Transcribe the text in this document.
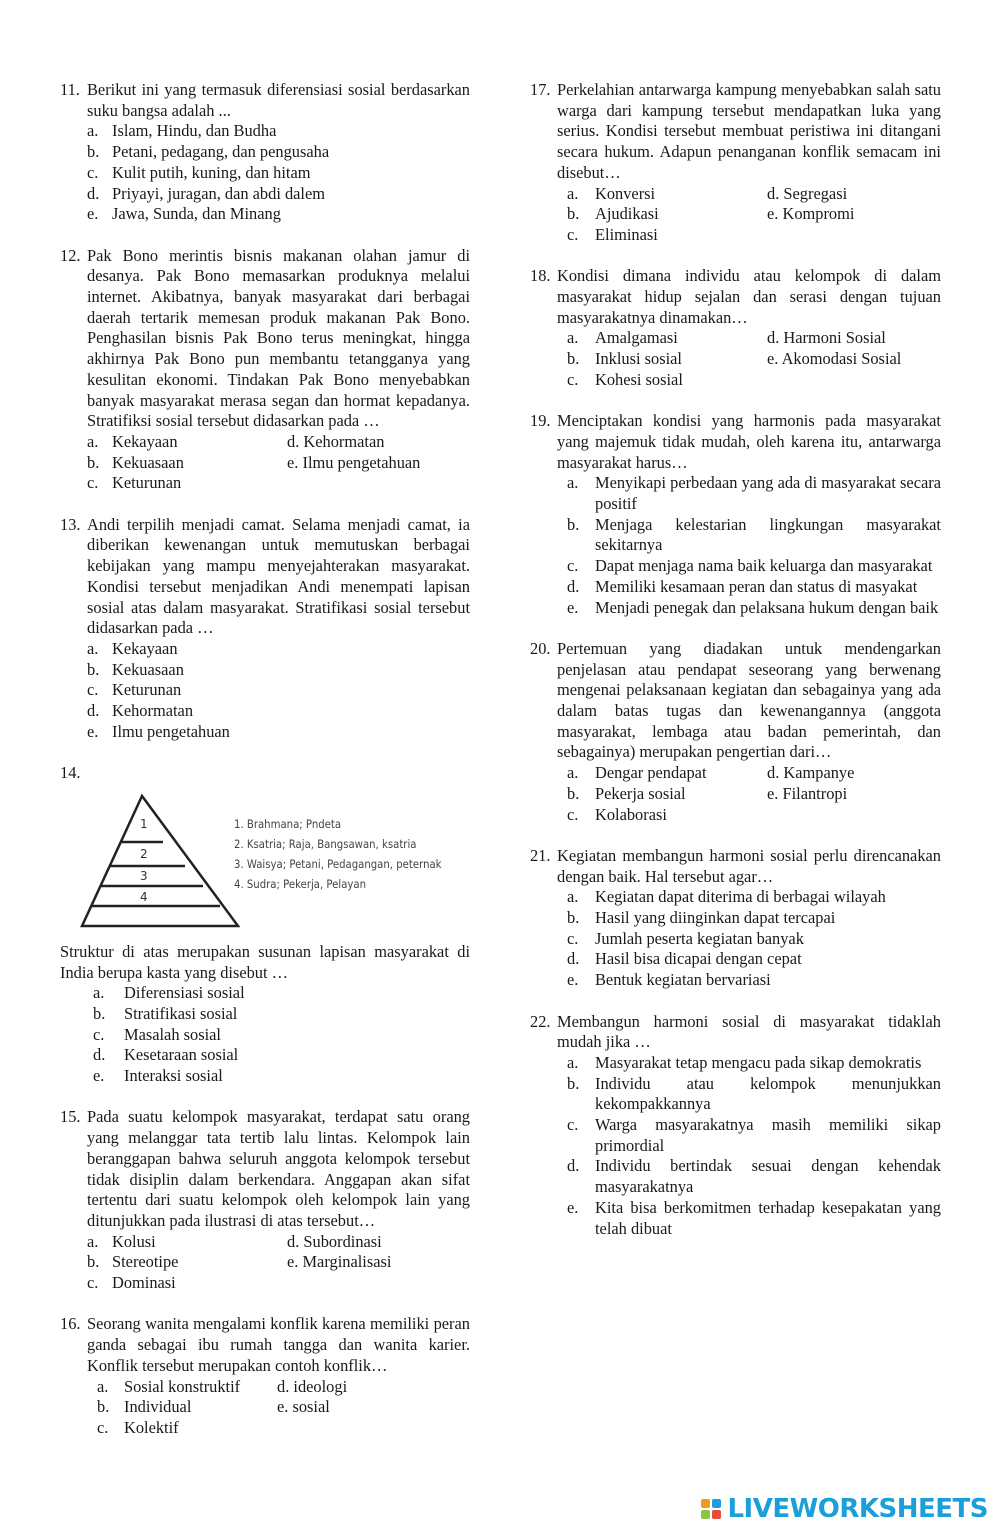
11. Berikut ini yang termasuk diferensiasi sosial berdasarkan suku bangsa adalah ...
a. Islam, Hindu, dan Budha
b. Petani, pedagang, dan pengusaha
c. Kulit putih, kuning, dan hitam
d. Priyayi, juragan, dan abdi dalem
e. Jawa, Sunda, dan Minang
12. Pak Bono merintis bisnis makanan olahan jamur di desanya. Pak Bono memasarkan produknya melalui internet. Akibatnya, banyak masyarakat dari berbagai daerah tertarik memesan produk makanan Pak Bono. Penghasilan bisnis Pak Bono terus meningkat, hingga akhirnya Pak Bono pun membantu tetangganya yang kesulitan ekonomi. Tindakan Pak Bono menyebabkan banyak masyarakat merasa segan dan hormat kepadanya. Stratifiksi sosial tersebut didasarkan pada …
a. Kekayaan	d. Kehormatan
b. Kekuasaan	e. Ilmu pengetahuan
c. Keturunan
13. Andi terpilih menjadi camat. Selama menjadi camat, ia diberikan kewenangan untuk memutuskan berbagai kebijakan yang mampu menyejahterakan masyarakat. Kondisi tersebut menjadikan Andi menempati lapisan sosial atas dalam masyarakat. Stratifikasi sosial tersebut didasarkan pada …
a. Kekayaan
b. Kekuasaan
c. Keturunan
d. Kehormatan
e. Ilmu pengetahuan
14.
1
2
3
4
1. Brahmana; Pndeta
2. Ksatria; Raja, Bangsawan, ksatria
3. Waisya; Petani, Pedagangan, peternak
4. Sudra; Pekerja, Pelayan
Struktur di atas merupakan susunan lapisan masyarakat di India berupa kasta yang disebut …
a. Diferensiasi sosial
b. Stratifikasi sosial
c. Masalah sosial
d. Kesetaraan sosial
e. Interaksi sosial
15. Pada suatu kelompok masyarakat, terdapat satu orang yang melanggar tata tertib lalu lintas. Kelompok lain beranggapan bahwa seluruh anggota kelompok tersebut tidak disiplin dalam berkendara. Anggapan akan sifat tertentu dari suatu kelompok oleh kelompok lain yang ditunjukkan pada ilustrasi di atas tersebut…
a. Kolusi	d. Subordinasi
b. Stereotipe	e. Marginalisasi
c. Dominasi
16. Seorang wanita mengalami konflik karena memiliki peran ganda sebagai ibu rumah tangga dan wanita karier. Konflik tersebut merupakan contoh konflik…
a. Sosial konstruktif	d. ideologi
b. Individual	e. sosial
c. Kolektif
17. Perkelahian antarwarga kampung menyebabkan salah satu warga dari kampung tersebut mendapatkan luka yang serius. Kondisi tersebut membuat peristiwa ini ditangani secara hukum. Adapun penanganan konflik semacam ini disebut…
a. Konversi	d. Segregasi
b. Ajudikasi	e. Kompromi
c. Eliminasi
18. Kondisi dimana individu atau kelompok di dalam masyarakat hidup sejalan dan serasi dengan tujuan masyarakatnya dinamakan…
a. Amalgamasi	d. Harmoni Sosial
b. Inklusi sosial	e. Akomodasi Sosial
c. Kohesi sosial
19. Menciptakan kondisi yang harmonis pada masyarakat yang majemuk tidak mudah, oleh karena itu, antarwarga masyarakat harus…
a. Menyikapi perbedaan yang ada di masyarakat secara positif
b. Menjaga kelestarian lingkungan masyarakat sekitarnya
c. Dapat menjaga nama baik keluarga dan masyarakat
d. Memiliki kesamaan peran dan status di masyakat
e. Menjadi penegak dan pelaksana hukum dengan baik
20. Pertemuan yang diadakan untuk mendengarkan penjelasan atau pendapat seseorang yang berwenang mengenai pelaksanaan kegiatan dan sebagainya yang ada dalam batas tugas dan kewenangannya (anggota masyarakat, lembaga atau badan pemerintah, dan sebagainya) merupakan pengertian dari…
a. Dengar pendapat	d. Kampanye
b. Pekerja sosial	e. Filantropi
c. Kolaborasi
21. Kegiatan membangun harmoni sosial perlu direncanakan dengan baik. Hal tersebut agar…
a. Kegiatan dapat diterima di berbagai wilayah
b. Hasil yang diinginkan dapat tercapai
c. Jumlah peserta kegiatan banyak
d. Hasil bisa dicapai dengan cepat
e. Bentuk kegiatan bervariasi
22. Membangun harmoni sosial di masyarakat tidaklah mudah jika …
a. Masyarakat tetap mengacu pada sikap demokratis
b. Individu atau kelompok menunjukkan kekompakkannya
c. Warga masyarakatnya masih memiliki sikap primordial
d. Individu bertindak sesuai dengan kehendak masyarakatnya
e. Kita bisa berkomitmen terhadap kesepakatan yang telah dibuat
LIVEWORKSHEETS
